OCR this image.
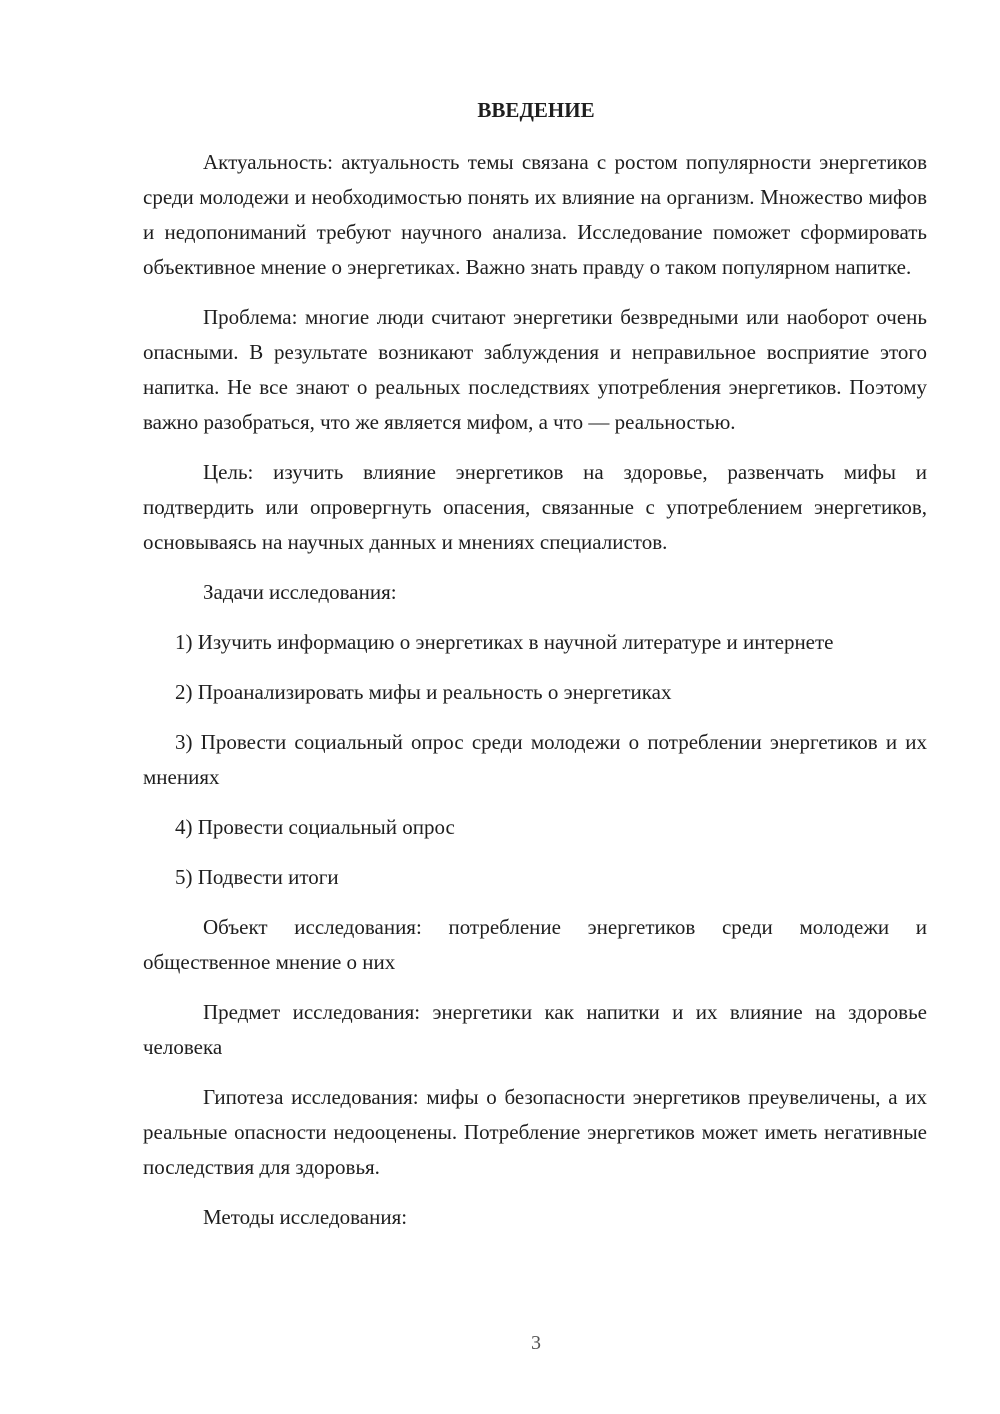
ВВЕДЕНИЕ

Актуальность: актуальность темы связана с ростом популярности энергетиков среди молодежи и необходимостью понять их влияние на организм. Множество мифов и недопониманий требуют научного анализа. Исследование поможет сформировать объективное мнение о энергетиках. Важно знать правду о таком популярном напитке.

Проблема: многие люди считают энергетики безвредными или наоборот очень опасными. В результате возникают заблуждения и неправильное восприятие этого напитка. Не все знают о реальных последствиях употребления энергетиков. Поэтому важно разобраться, что же является мифом, а что — реальностью.

Цель: изучить влияние энергетиков на здоровье, развенчать мифы и подтвердить или опровергнуть опасения, связанные с употреблением энергетиков, основываясь на научных данных и мнениях специалистов.

Задачи исследования:

1) Изучить информацию о энергетиках в научной литературе и интернете

2) Проанализировать мифы и реальность о энергетиках

3) Провести социальный опрос среди молодежи о потреблении энергетиков и их мнениях

4) Провести социальный опрос

5) Подвести итоги

Объект исследования: потребление энергетиков среди молодежи и общественное мнение о них

Предмет исследования: энергетики как напитки и их влияние на здоровье человека

Гипотеза исследования: мифы о безопасности энергетиков преувеличены, а их реальные опасности недооценены. Потребление энергетиков может иметь негативные последствия для здоровья.

Методы исследования:

3
